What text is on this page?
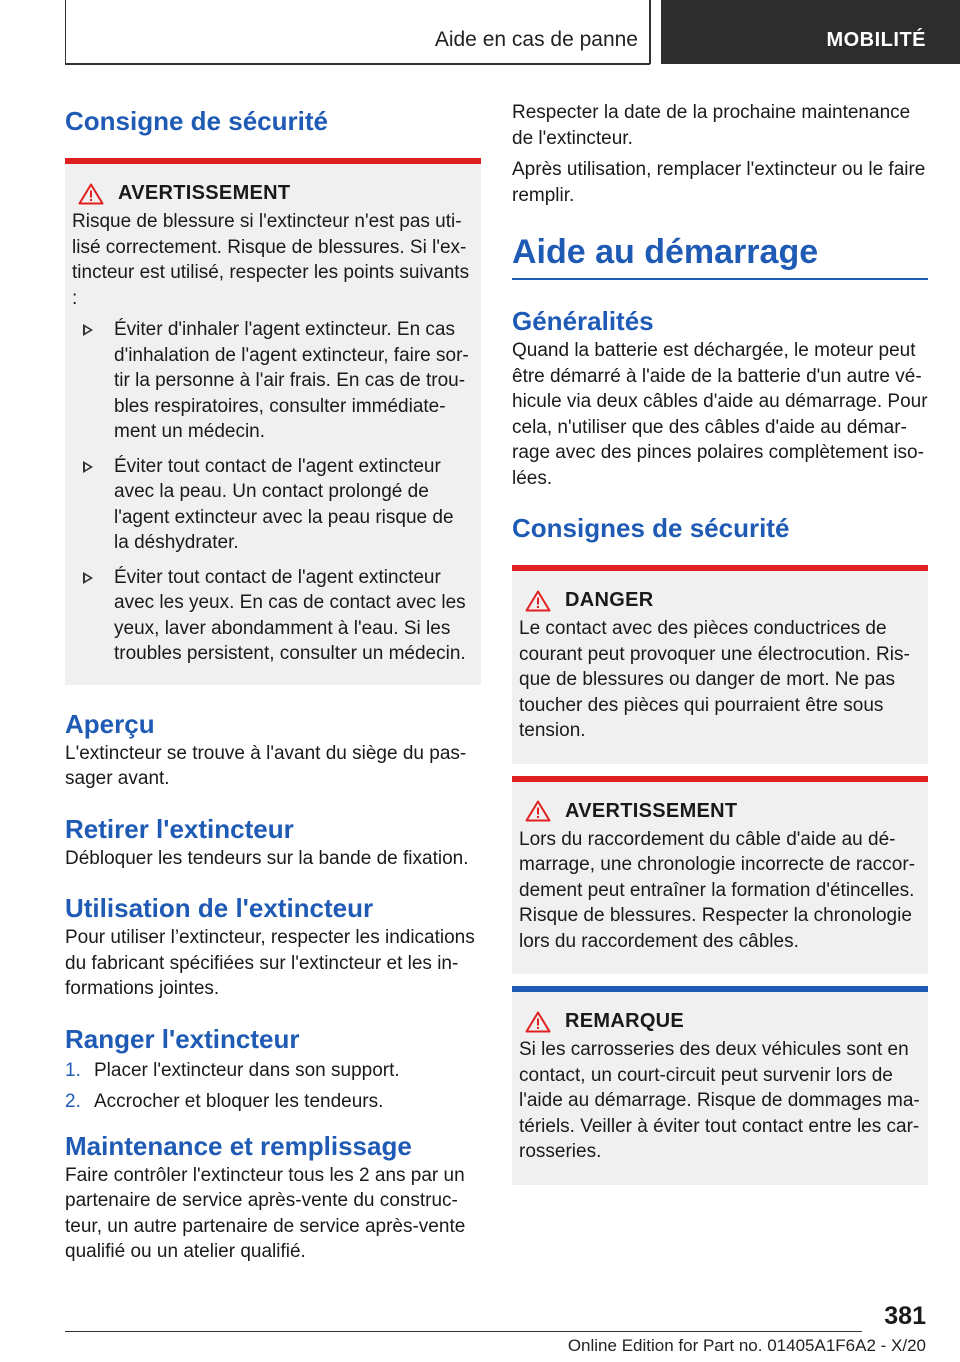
Aide en cas de panne	MOBILITÉ
Consigne de sécurité
AVERTISSEMENT

Risque de blessure si l'extincteur n'est pas utilisé correctement. Risque de blessures. Si l'extincteur est utilisé, respecter les points suivants :

Éviter d'inhaler l'agent extincteur. En cas d'inhalation de l'agent extincteur, faire sortir la personne à l'air frais. En cas de troubles respiratoires, consulter immédiatement un médecin.
Éviter tout contact de l'agent extincteur avec la peau. Un contact prolongé de l'agent extincteur avec la peau risque de la déshydrater.
Éviter tout contact de l'agent extincteur avec les yeux. En cas de contact avec les yeux, laver abondamment à l'eau. Si les troubles persistent, consulter un médecin.
Aperçu

L'extincteur se trouve à l'avant du siège du passager avant.

Retirer l'extincteur

Débloquer les tendeurs sur la bande de fixation.

Utilisation de l'extincteur

Pour utiliser l’extincteur, respecter les indications du fabricant spécifiées sur l'extincteur et les informations jointes.

Ranger l'extincteur
1. Placer l'extincteur dans son support.
2. Accrocher et bloquer les tendeurs.
Maintenance et remplissage

Faire contrôler l'extincteur tous les 2 ans par un partenaire de service après-vente du constructeur, un autre partenaire de service après-vente qualifié ou un atelier qualifié.

Respecter la date de la prochaine maintenance de l'extincteur.

Après utilisation, remplacer l'extincteur ou le faire remplir.

Aide au démarrage
Généralités

Quand la batterie est déchargée, le moteur peut être démarré à l'aide de la batterie d'un autre véhicule via deux câbles d'aide au démarrage. Pour cela, n'utiliser que des câbles d'aide au démarrage avec des pinces polaires complètement isolées.

Consignes de sécurité
DANGER

Le contact avec des pièces conductrices de courant peut provoquer une électrocution. Risque de blessures ou danger de mort. Ne pas toucher des pièces qui pourraient être sous tension.

AVERTISSEMENT

Lors du raccordement du câble d'aide au démarrage, une chronologie incorrecte de raccordement peut entraîner la formation d'étincelles. Risque de blessures. Respecter la chronologie lors du raccordement des câbles.

REMARQUE

Si les carrosseries des deux véhicules sont en contact, un court-circuit peut survenir lors de l'aide au démarrage. Risque de dommages matériels. Veiller à éviter tout contact entre les carrosseries.

381
Online Edition for Part no. 01405A1F6A2 - X/20
